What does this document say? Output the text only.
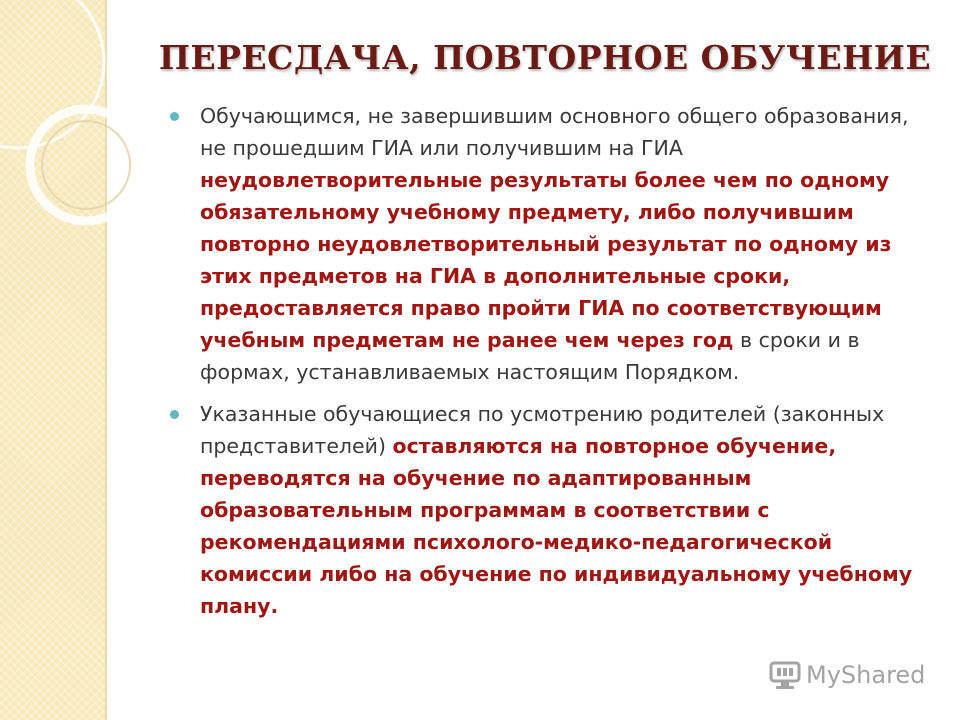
ПЕРЕСДАЧА, ПОВТОРНОЕ ОБУЧЕНИЕ

Обучающимся, не завершившим основного общего образования, не прошедшим ГИА или получившим на ГИА неудовлетворительные результаты более чем по одному обязательному учебному предмету, либо получившим повторно неудовлетворительный результат по одному из этих предметов на ГИА в дополнительные сроки, предоставляется право пройти ГИА по соответствующим учебным предметам не ранее чем через год в сроки и в формах, устанавливаемых настоящим Порядком.

Указанные обучающиеся по усмотрению родителей (законных представителей) оставляются на повторное обучение, переводятся на обучение по адаптированным образовательным программам в соответствии с рекомендациями психолого-медико-педагогической комиссии либо на обучение по индивидуальному учебному плану.

MyShared
